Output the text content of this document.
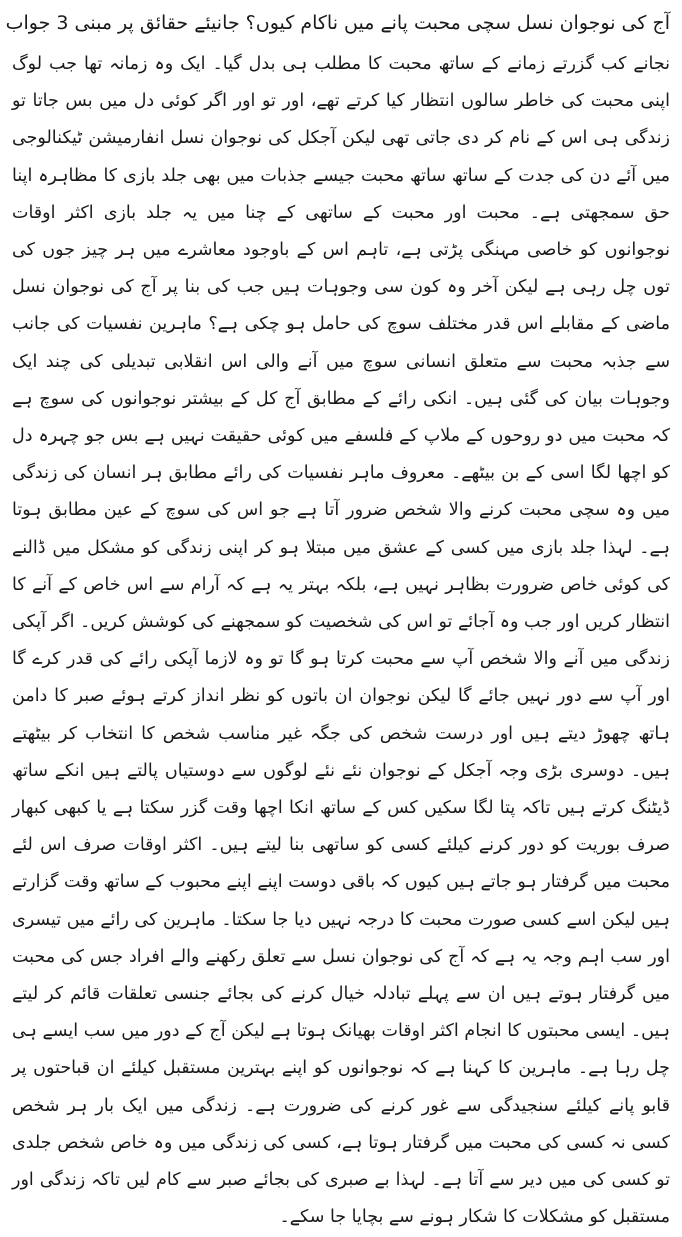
آج کی نوجوان نسل سچی محبت پانے میں ناکام کیوں؟ جانیئے حقائق پر مبنی 3 جواب

نجانے کب گزرتے زمانے کے ساتھ محبت کا مطلب ہی بدل گیا۔ ایک وہ زمانہ تھا جب لوگ اپنی محبت کی خاطر سالوں انتظار کیا کرتے تھے، اور تو اور اگر کوئی دل میں بس جاتا تو زندگی ہی اس کے نام کر دی جاتی تھی لیکن آجکل کی نوجوان نسل انفارمیشن ٹیکنالوجی میں آئے دن کی جدت کے ساتھ ساتھ محبت جیسے جذبات میں بھی جلد بازی کا مظاہرہ اپنا حق سمجھتی ہے۔ محبت اور محبت کے ساتھی کے چنا میں یہ جلد بازی اکثر اوقات نوجوانوں کو خاصی مہنگی پڑتی ہے، تاہم اس کے باوجود معاشرے میں ہر چیز جوں کی توں چل رہی ہے لیکن آخر وہ کون سی وجوہات ہیں جب کی بنا پر آج کی نوجوان نسل ماضی کے مقابلے اس قدر مختلف سوچ کی حامل ہو چکی ہے؟ ماہرین نفسیات کی جانب سے جذبہ محبت سے متعلق انسانی سوچ میں آنے والی اس انقلابی تبدیلی کی چند ایک وجوہات بیان کی گئی ہیں۔ انکی رائے کے مطابق آج کل کے بیشتر نوجوانوں کی سوچ ہے کہ محبت میں دو روحوں کے ملاپ کے فلسفے میں کوئی حقیقت نہیں ہے بس جو چہرہ دل کو اچھا لگا اسی کے بن بیٹھے۔ معروف ماہر نفسیات کی رائے مطابق ہر انسان کی زندگی میں وہ سچی محبت کرنے والا شخص ضرور آتا ہے جو اس کی سوچ کے عین مطابق ہوتا ہے۔ لہذا جلد بازی میں کسی کے عشق میں مبتلا ہو کر اپنی زندگی کو مشکل میں ڈالنے کی کوئی خاص ضرورت بظاہر نہیں ہے، بلکہ بہتر یہ ہے کہ آرام سے اس خاص کے آنے کا انتظار کریں اور جب وہ آجائے تو اس کی شخصیت کو سمجھنے کی کوشش کریں۔ اگر آپکی زندگی میں آنے والا شخص آپ سے محبت کرتا ہو گا تو وہ لازما آپکی رائے کی قدر کرے گا اور آپ سے دور نہیں جائے گا لیکن نوجوان ان باتوں کو نظر انداز کرتے ہوئے صبر کا دامن ہاتھ چھوڑ دیتے ہیں اور درست شخص کی جگہ غیر مناسب شخص کا انتخاب کر بیٹھتے ہیں۔ دوسری بڑی وجہ آجکل کے نوجوان نئے نئے لوگوں سے دوستیاں پالتے ہیں انکے ساتھ ڈیٹنگ کرتے ہیں تاکہ پتا لگا سکیں کس کے ساتھ انکا اچھا وقت گزر سکتا ہے یا کبھی کبھار صرف بوریت کو دور کرنے کیلئے کسی کو ساتھی بنا لیتے ہیں۔ اکثر اوقات صرف اس لئے محبت میں گرفتار ہو جاتے ہیں کیوں کہ باقی دوست اپنے اپنے محبوب کے ساتھ وقت گزارتے ہیں لیکن اسے کسی صورت محبت کا درجہ نہیں دیا جا سکتا۔ ماہرین کی رائے میں تیسری اور سب اہم وجہ یہ ہے کہ آج کی نوجوان نسل سے تعلق رکھنے والے افراد جس کی محبت میں گرفتار ہوتے ہیں ان سے پہلے تبادلہ خیال کرنے کی بجائے جنسی تعلقات قائم کر لیتے ہیں۔ ایسی محبتوں کا انجام اکثر اوقات بھیانک ہوتا ہے لیکن آج کے دور میں سب ایسے ہی چل رہا ہے۔ ماہرین کا کہنا ہے کہ نوجوانوں کو اپنے بہترین مستقبل کیلئے ان قباحتوں پر قابو پانے کیلئے سنجیدگی سے غور کرنے کی ضرورت ہے۔ زندگی میں ایک بار ہر شخص کسی نہ کسی کی محبت میں گرفتار ہوتا ہے، کسی کی زندگی میں وہ خاص شخص جلدی تو کسی کی میں دیر سے آتا ہے۔ لہذا بے صبری کی بجائے صبر سے کام لیں تاکہ زندگی اور مستقبل کو مشکلات کا شکار ہونے سے بچایا جا سکے۔
